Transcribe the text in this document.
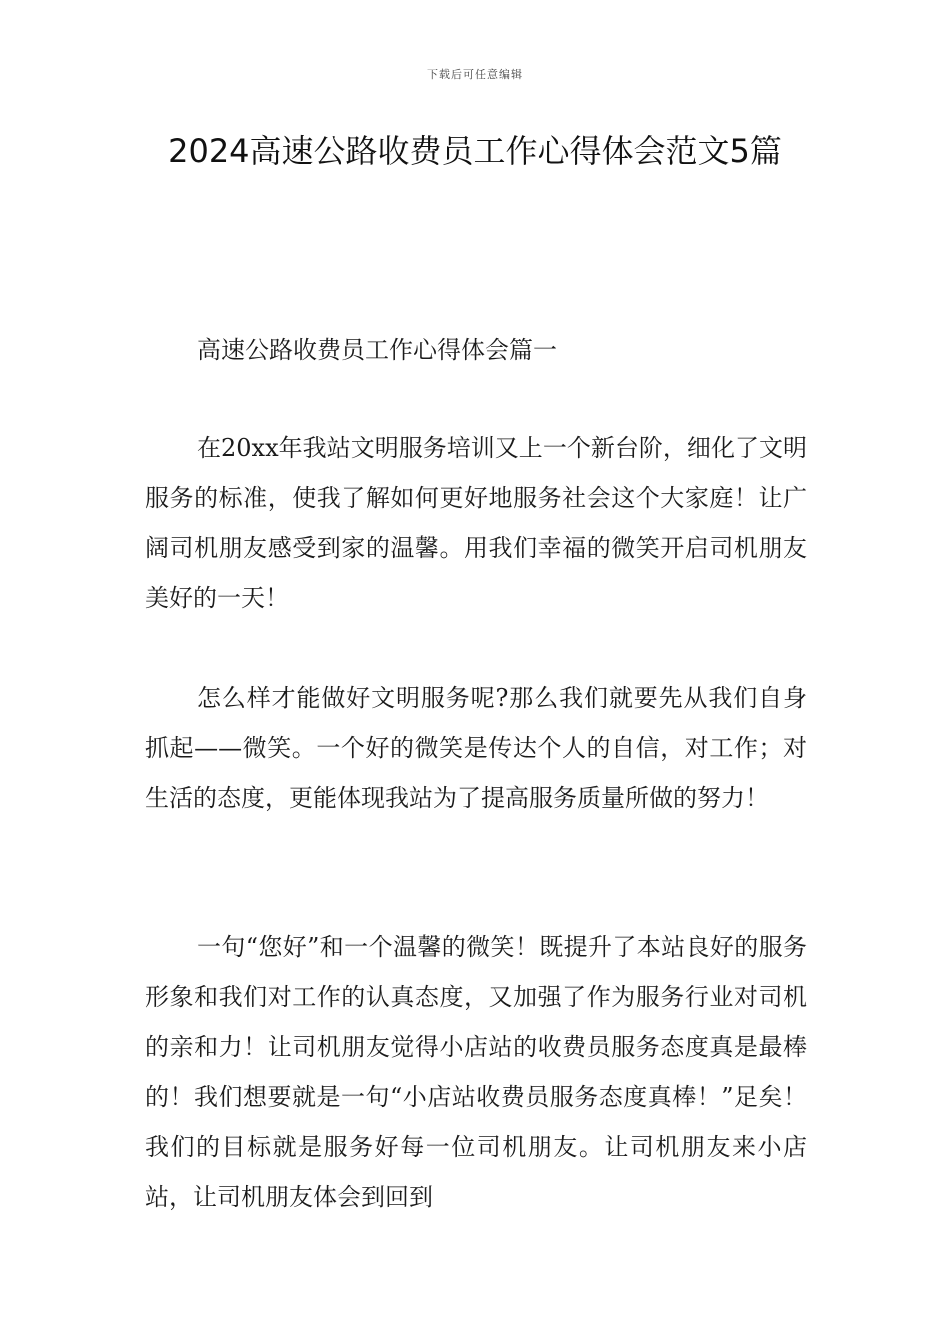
下载后可任意编辑
2024高速公路收费员工作心得体会范文5篇
高速公路收费员工作心得体会篇一

在20xx年我站文明服务培训又上一个新台阶，细化了文明服务的标准，使我了解如何更好地服务社会这个大家庭！让广阔司机朋友感受到家的温馨。用我们幸福的微笑开启司机朋友美好的一天！

怎么样才能做好文明服务呢?那么我们就要先从我们自身抓起——微笑。一个好的微笑是传达个人的自信，对工作；对生活的态度，更能体现我站为了提高服务质量所做的努力！

一句“您好”和一个温馨的微笑！既提升了本站良好的服务形象和我们对工作的认真态度，又加强了作为服务行业对司机的亲和力！让司机朋友觉得小店站的收费员服务态度真是最棒的！我们想要就是一句“小店站收费员服务态度真棒！”足矣！我们的目标就是服务好每一位司机朋友。让司机朋友来小店站，让司机朋友体会到回到
